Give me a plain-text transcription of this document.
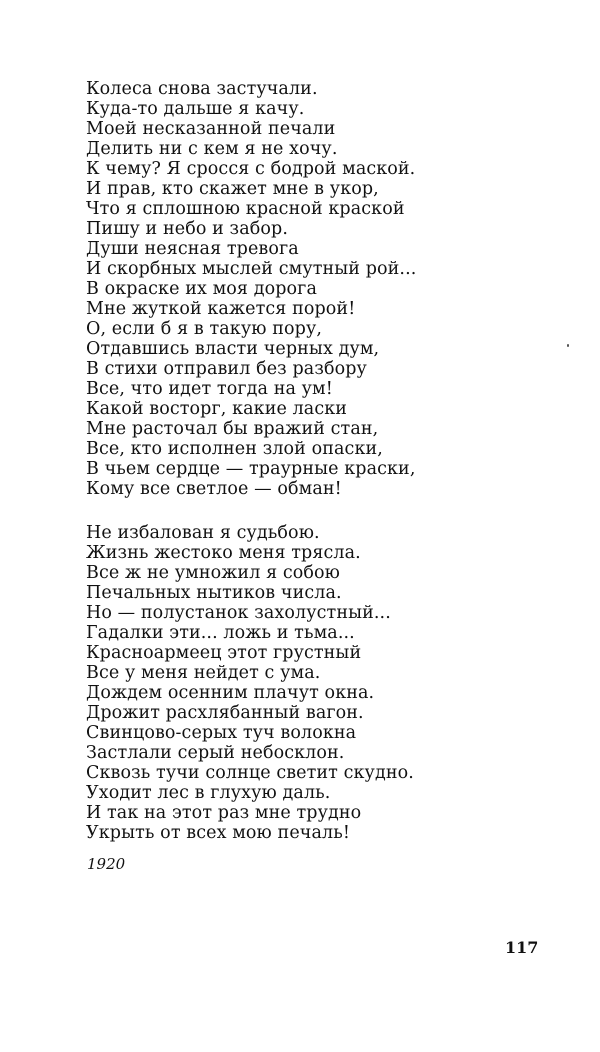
Колеса снова застучали.
Куда-то дальше я качу.
Моей несказанной печали
Делить ни с кем я не хочу.
К чему? Я сросся с бодрой маской.
И прав, кто скажет мне в укор,
Что я сплошною красной краской
Пишу и небо и забор.
Души неясная тревога
И скорбных мыслей смутный рой...
В окраске их моя дорога
Мне жуткой кажется порой!
О, если б я в такую пору,
Отдавшись власти черных дум,
В стихи отправил без разбору
Все, что идет тогда на ум!
Какой восторг, какие ласки
Мне расточал бы вражий стан,
Все, кто исполнен злой опаски,
В чьем сердце — траурные краски,
Кому все светлое — обман!
Не избалован я судьбою.
Жизнь жестоко меня трясла.
Все ж не умножил я собою
Печальных нытиков числа.
Но — полустанок захолустный...
Гадалки эти... ложь и тьма...
Красноармеец этот грустный
Все у меня нейдет с ума.
Дождем осенним плачут окна.
Дрожит расхлябанный вагон.
Свинцово-серых туч волокна
Застлали серый небосклон.
Сквозь тучи солнце светит скудно.
Уходит лес в глухую даль.
И так на этот раз мне трудно
Укрыть от всех мою печаль!
1920
117
